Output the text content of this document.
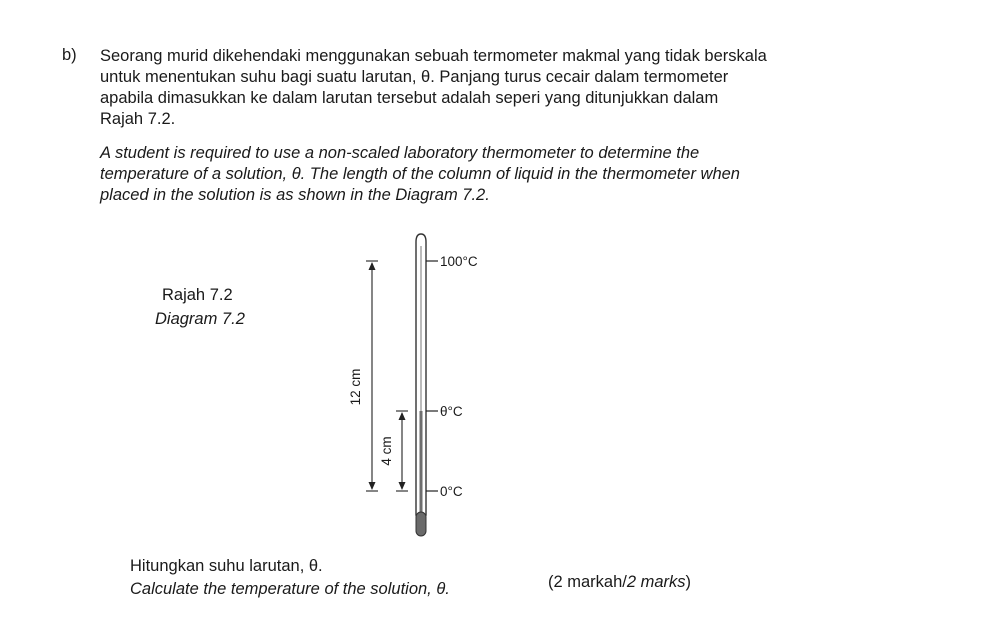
b) Seorang murid dikehendaki menggunakan sebuah termometer makmal yang tidak berskala
untuk menentukan suhu bagi suatu larutan, θ. Panjang turus cecair dalam termometer
apabila dimasukkan ke dalam larutan tersebut adalah seperi yang ditunjukkan dalam
Rajah 7.2.
A student is required to use a non-scaled laboratory thermometer to determine the
temperature of a solution, θ. The length of the column of liquid in the thermometer when
placed in the solution is as shown in the Diagram 7.2.
Rajah 7.2
Diagram 7.2
100°C
θ°C
0°C
12 cm
4 cm
Hitungkan suhu larutan, θ.
Calculate the temperature of the solution, θ.	(2 markah/2 marks)
